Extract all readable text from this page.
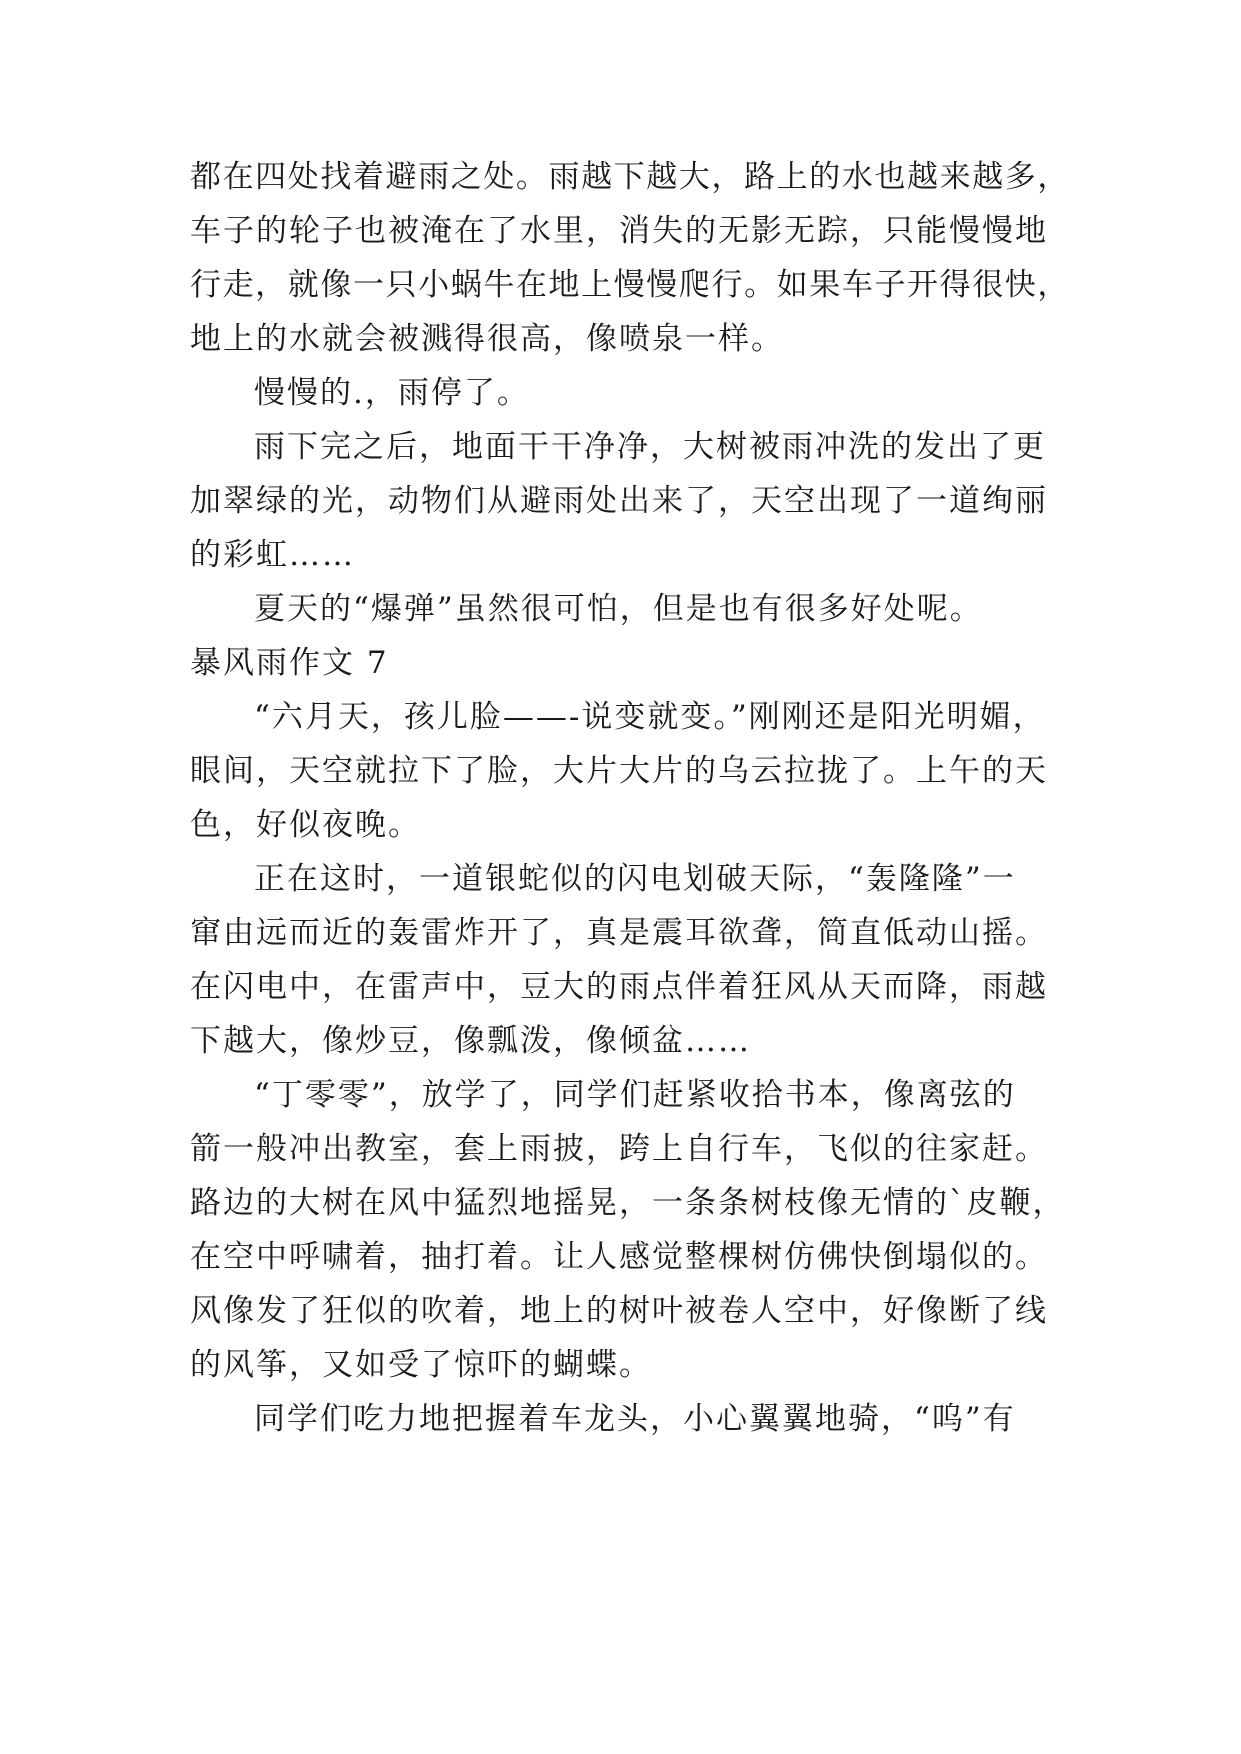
都在四处找着避雨之处。雨越下越大，路上的水也越来越多，
车子的轮子也被淹在了水里，消失的无影无踪，只能慢慢地
行走，就像一只小蜗牛在地上慢慢爬行。如果车子开得很快，
地上的水就会被溅得很高，像喷泉一样。
慢慢的.，雨停了。
雨下完之后，地面干干净净，大树被雨冲洗的发出了更
加翠绿的光，动物们从避雨处出来了，天空出现了一道绚丽
的彩虹……
夏天的“爆弹”虽然很可怕，但是也有很多好处呢。
暴风雨作文 7
“六月天，孩儿脸——-说变就变。”刚刚还是阳光明媚，
眼间，天空就拉下了脸，大片大片的乌云拉拢了。上午的天
色，好似夜晚。
正在这时，一道银蛇似的闪电划破天际，“轰隆隆”一
窜由远而近的轰雷炸开了，真是震耳欲聋，简直低动山摇。
在闪电中，在雷声中，豆大的雨点伴着狂风从天而降，雨越
下越大，像炒豆，像瓢泼，像倾盆……
“丁零零”，放学了，同学们赶紧收拾书本，像离弦的
箭一般冲出教室，套上雨披，跨上自行车，飞似的往家赶。
路边的大树在风中猛烈地摇晃，一条条树枝像无情的`皮鞭，
在空中呼啸着，抽打着。让人感觉整棵树仿佛快倒塌似的。
风像发了狂似的吹着，地上的树叶被卷人空中，好像断了线
的风筝，又如受了惊吓的蝴蝶。
同学们吃力地把握着车龙头，小心翼翼地骑，“呜”有
